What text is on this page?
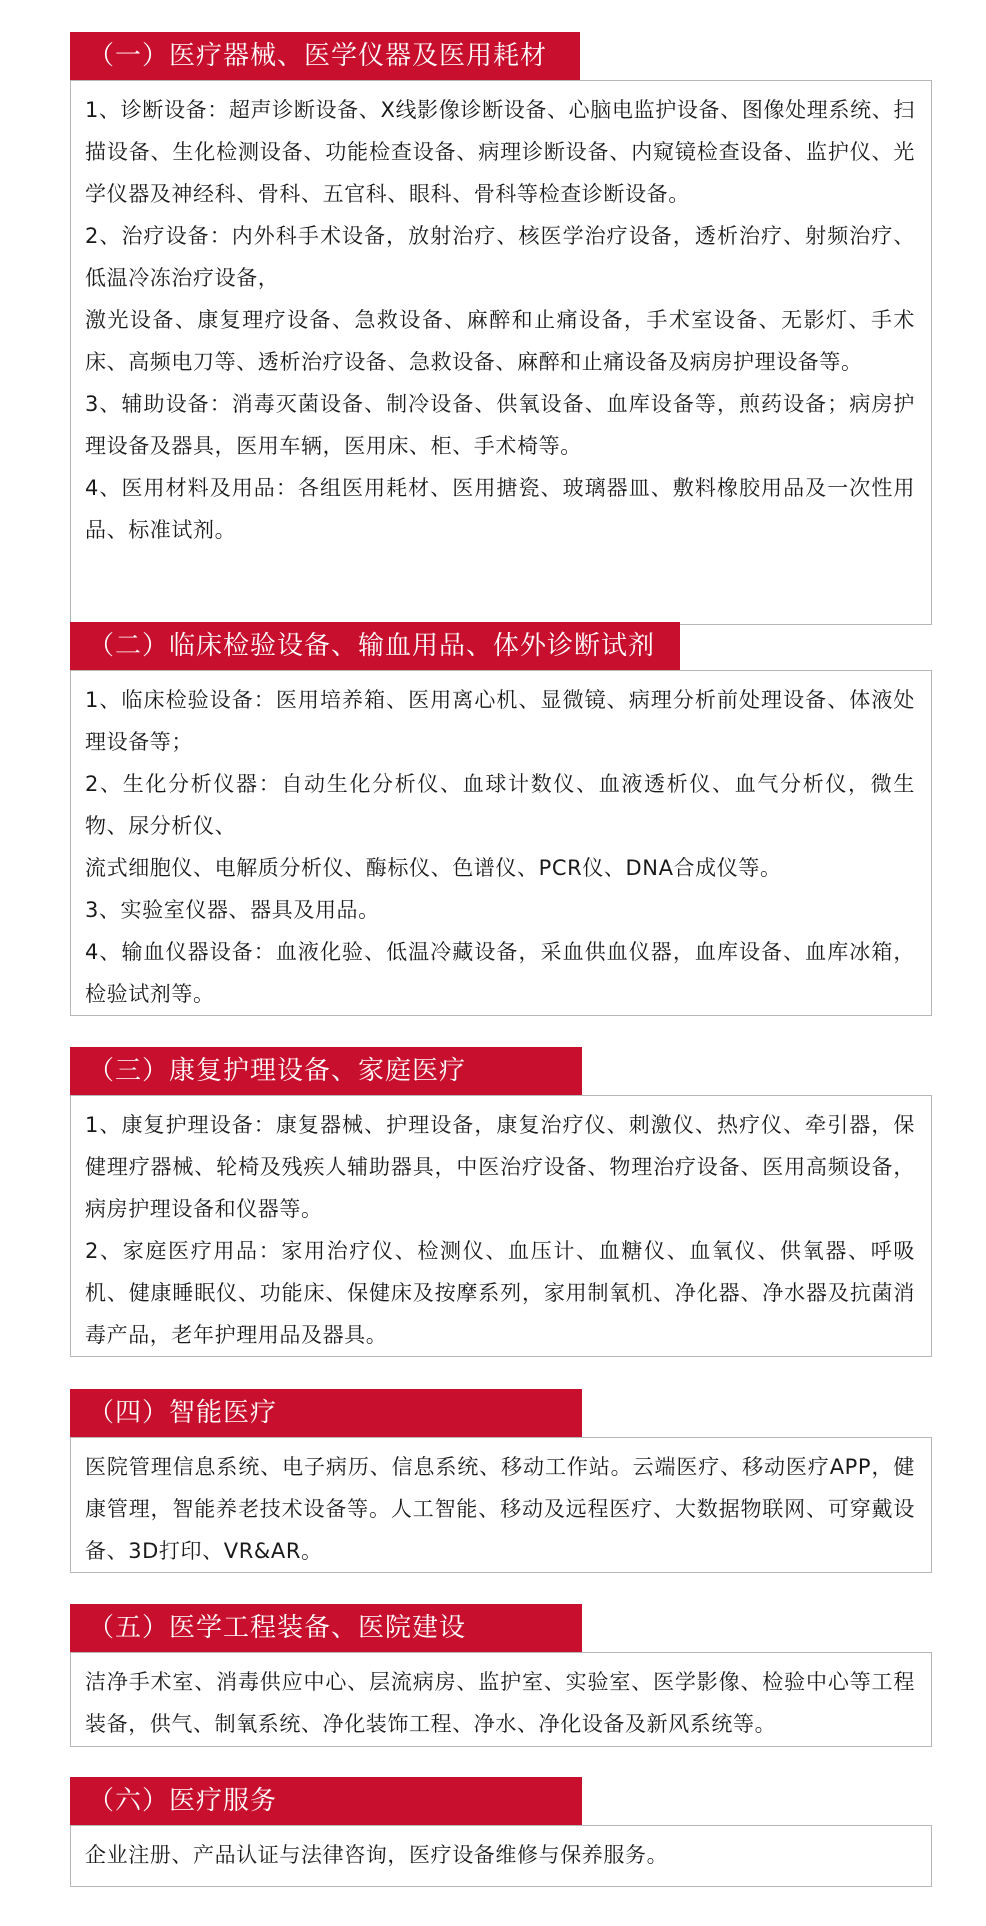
（一）医疗器械、医学仪器及医用耗材

1、诊断设备：超声诊断设备、X线影像诊断设备、心脑电监护设备、图像处理系统、扫描设备、生化检测设备、功能检查设备、病理诊断设备、内窥镜检查设备、监护仪、光学仪器及神经科、骨科、五官科、眼科、骨科等检查诊断设备。

2、治疗设备：内外科手术设备，放射治疗、核医学治疗设备，透析治疗、射频治疗、低温冷冻治疗设备，

激光设备、康复理疗设备、急救设备、麻醉和止痛设备，手术室设备、无影灯、手术床、高频电刀等、透析治疗设备、急救设备、麻醉和止痛设备及病房护理设备等。

3、辅助设备：消毒灭菌设备、制冷设备、供氧设备、血库设备等，煎药设备；病房护理设备及器具，医用车辆，医用床、柜、手术椅等。

4、医用材料及用品：各组医用耗材、医用搪瓷、玻璃器皿、敷料橡胶用品及一次性用品、标准试剂。

（二）临床检验设备、输血用品、体外诊断试剂

1、临床检验设备：医用培养箱、医用离心机、显微镜、病理分析前处理设备、体液处理设备等；

2、生化分析仪器：自动生化分析仪、血球计数仪、血液透析仪、血气分析仪，微生物、尿分析仪、

流式细胞仪、电解质分析仪、酶标仪、色谱仪、PCR仪、DNA合成仪等。

3、实验室仪器、器具及用品。

4、输血仪器设备：血液化验、低温冷藏设备，采血供血仪器，血库设备、血库冰箱，检验试剂等。

（三）康复护理设备、家庭医疗

1、康复护理设备：康复器械、护理设备，康复治疗仪、刺激仪、热疗仪、牵引器，保健理疗器械、轮椅及残疾人辅助器具，中医治疗设备、物理治疗设备、医用高频设备，病房护理设备和仪器等。

2、家庭医疗用品：家用治疗仪、检测仪、血压计、血糖仪、血氧仪、供氧器、呼吸机、健康睡眠仪、功能床、保健床及按摩系列，家用制氧机、净化器、净水器及抗菌消毒产品，老年护理用品及器具。

（四）智能医疗

医院管理信息系统、电子病历、信息系统、移动工作站。云端医疗、移动医疗APP，健康管理，智能养老技术设备等。人工智能、移动及远程医疗、大数据物联网、可穿戴设备、3D打印、VR&AR。

（五）医学工程装备、医院建设

洁净手术室、消毒供应中心、层流病房、监护室、实验室、医学影像、检验中心等工程装备，供气、制氧系统、净化装饰工程、净水、净化设备及新风系统等。

（六）医疗服务

企业注册、产品认证与法律咨询，医疗设备维修与保养服务。
